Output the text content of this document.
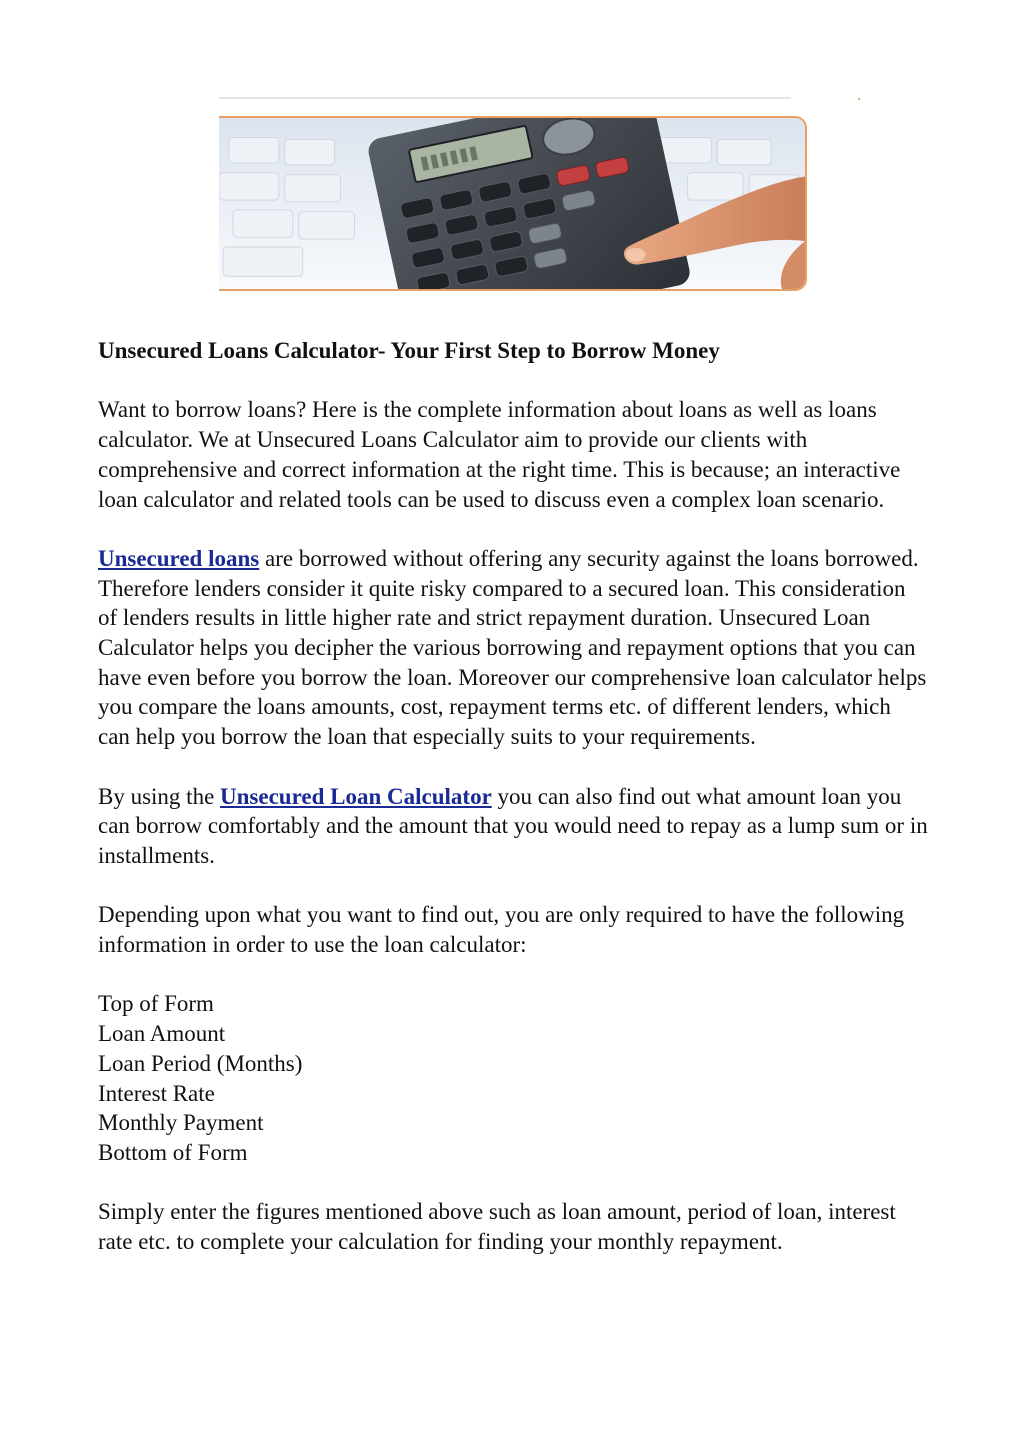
Unsecured Loans Calculator- Your First Step to Borrow Money

Want to borrow loans? Here is the complete information about loans as well as loans calculator. We at Unsecured Loans Calculator aim to provide our clients with comprehensive and correct information at the right time. This is because; an interactive loan calculator and related tools can be used to discuss even a complex loan scenario.

Unsecured loans are borrowed without offering any security against the loans borrowed. Therefore lenders consider it quite risky compared to a secured loan. This consideration of lenders results in little higher rate and strict repayment duration. Unsecured Loan Calculator helps you decipher the various borrowing and repayment options that you can have even before you borrow the loan. Moreover our comprehensive loan calculator helps you compare the loans amounts, cost, repayment terms etc. of different lenders, which can help you borrow the loan that especially suits to your requirements.

By using the Unsecured Loan Calculator you can also find out what amount loan you can borrow comfortably and the amount that you would need to repay as a lump sum or in installments.

Depending upon what you want to find out, you are only required to have the following information in order to use the loan calculator:

Top of Form
Loan Amount
Loan Period (Months)
Interest Rate
Monthly Payment
Bottom of Form

Simply enter the figures mentioned above such as loan amount, period of loan, interest rate etc. to complete your calculation for finding your monthly repayment.
